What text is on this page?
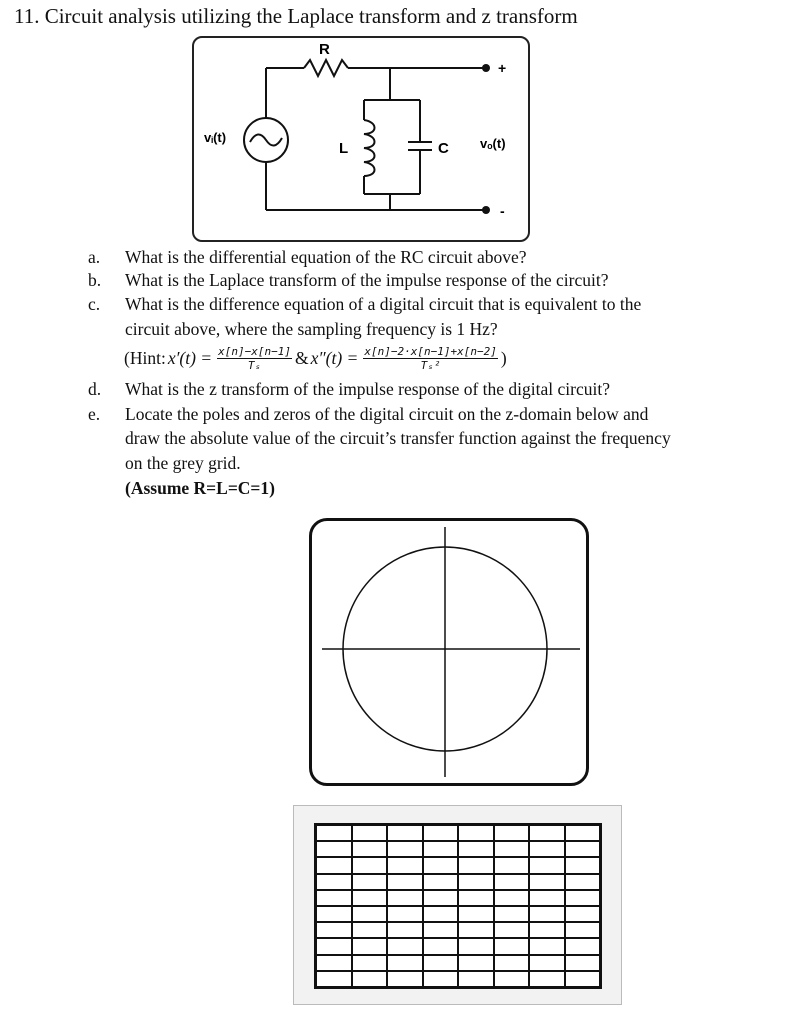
11. Circuit analysis utilizing the Laplace transform and z transform
R
L	C
vᵢ(t)	vₒ(t)
+
-
a. What is the differential equation of the RC circuit above?
b. What is the Laplace transform of the impulse response of the circuit?
c. What is the difference equation of a digital circuit that is equivalent to the
circuit above, where the sampling frequency is 1 Hz?
(Hint: $x'(t) = \frac{x[n]-x[n-1]}{\text{Tₛ}}$ & $x''(t) = \frac{x[n]-2\cdot x[n-1]+x[n-2]}{\text{Tₛ²}}$ )
d. What is the z transform of the impulse response of the digital circuit?
e. Locate the poles and zeros of the digital circuit on the z-domain below and
draw the absolute value of the circuit’s transfer function against the frequency
on the grey grid.
(Assume R=L=C=1)
